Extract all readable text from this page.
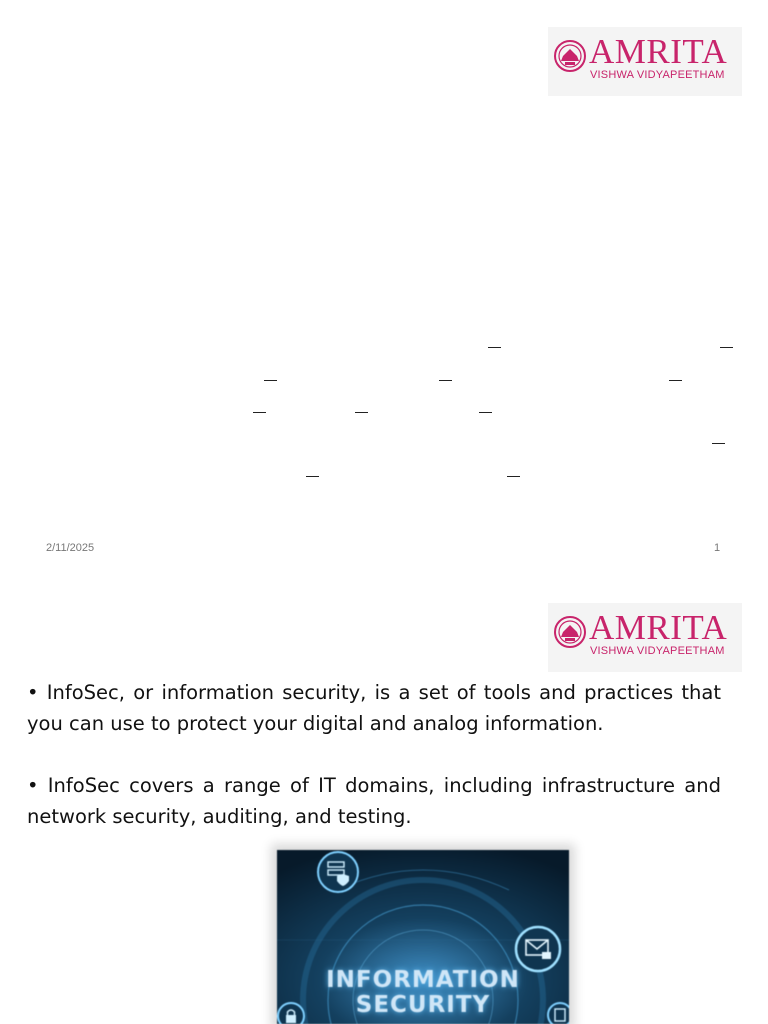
AMRITA
VISHWA VIDYAPEETHAM
2/11/2025	1
AMRITA
VISHWA VIDYAPEETHAM
• InfoSec, or information security, is a set of tools and practices that you can use to protect your digital and analog information.
• InfoSec covers a range of IT domains, including infrastructure and network security, auditing, and testing.
INFORMATION
SECURITY
